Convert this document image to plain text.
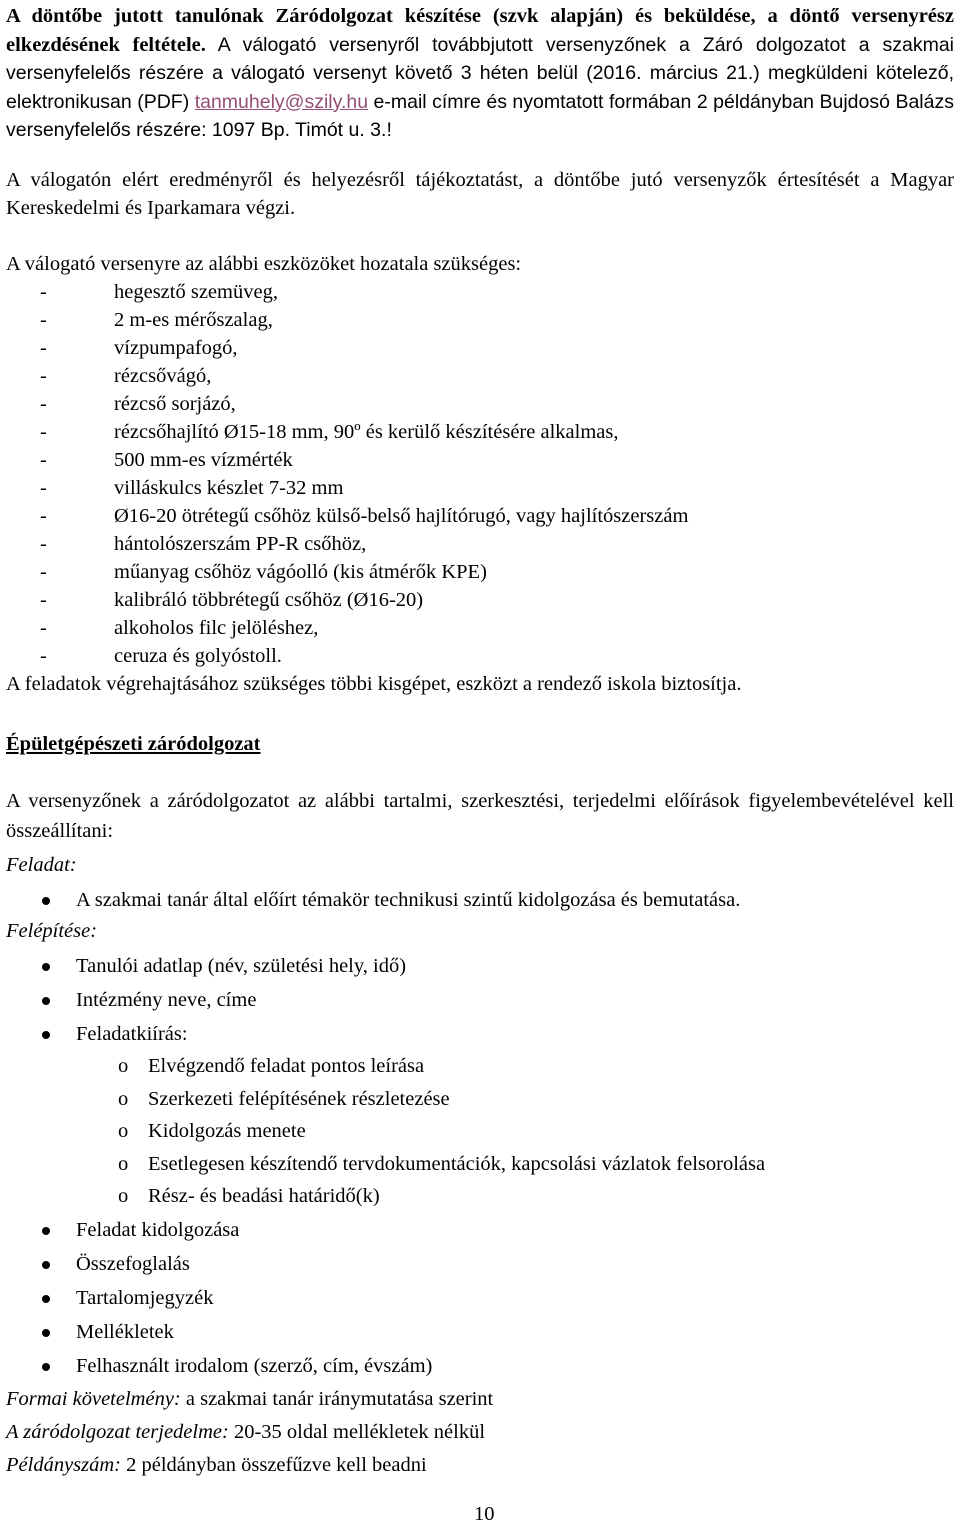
A döntőbe jutott tanulónak Záródolgozat készítése (szvk alapján) és beküldése, a döntő versenyrész elkezdésének feltétele. A válogató versenyről továbbjutott versenyzőnek a Záró dolgozatot a szakmai versenyfelelős részére a válogató versenyt követő 3 héten belül (2016. március 21.) megküldeni kötelező, elektronikusan (PDF) tanmuhely@szily.hu e-mail címre és nyomtatott formában 2 példányban Bujdosó Balázs versenyfelelős részére: 1097 Bp. Timót u. 3.!

A válogatón elért eredményről és helyezésről tájékoztatást, a döntőbe jutó versenyzők értesítését a Magyar Kereskedelmi és Iparkamara végzi.

A válogató versenyre az alábbi eszközöket hozatala szükséges:
-	hegesztő szemüveg,
-	2 m-es mérőszalag,
-	vízpumpafogó,
-	rézcsővágó,
-	rézcső sorjázó,
-	rézcsőhajlító Ø15-18 mm, 90º és kerülő készítésére alkalmas,
-	500 mm-es vízmérték
-	villáskulcs készlet 7-32 mm
-	Ø16-20 ötrétegű csőhöz külső-belső hajlítórugó, vagy hajlítószerszám
-	hántolószerszám PP-R csőhöz,
-	műanyag csőhöz vágóolló (kis átmérők KPE)
-	kalibráló többrétegű csőhöz (Ø16-20)
-	alkoholos filc jelöléshez,
-	ceruza és golyóstoll.
A feladatok végrehajtásához szükséges többi kisgépet, eszközt a rendező iskola biztosítja.
Épületgépészeti záródolgozat

A versenyzőnek a záródolgozatot az alábbi tartalmi, szerkesztési, terjedelmi előírások figyelembevételével kell összeállítani:

Feladat:
A szakmai tanár által előírt témakör technikusi szintű kidolgozása és bemutatása.
Felépítése:
Tanulói adatlap (név, születési hely, idő)
Intézmény neve, címe
Feladatkiírás:
o Elvégzendő feladat pontos leírása
o Szerkezeti felépítésének részletezése
o Kidolgozás menete
o Esetlegesen készítendő tervdokumentációk, kapcsolási vázlatok felsorolása
o Rész- és beadási határidő(k)
Feladat kidolgozása
Összefoglalás
Tartalomjegyzék
Mellékletek
Felhasznált irodalom (szerző, cím, évszám)
Formai követelmény: a szakmai tanár iránymutatása szerint
A záródolgozat terjedelme: 20-35 oldal mellékletek nélkül
Példányszám: 2 példányban összefűzve kell beadni
10
